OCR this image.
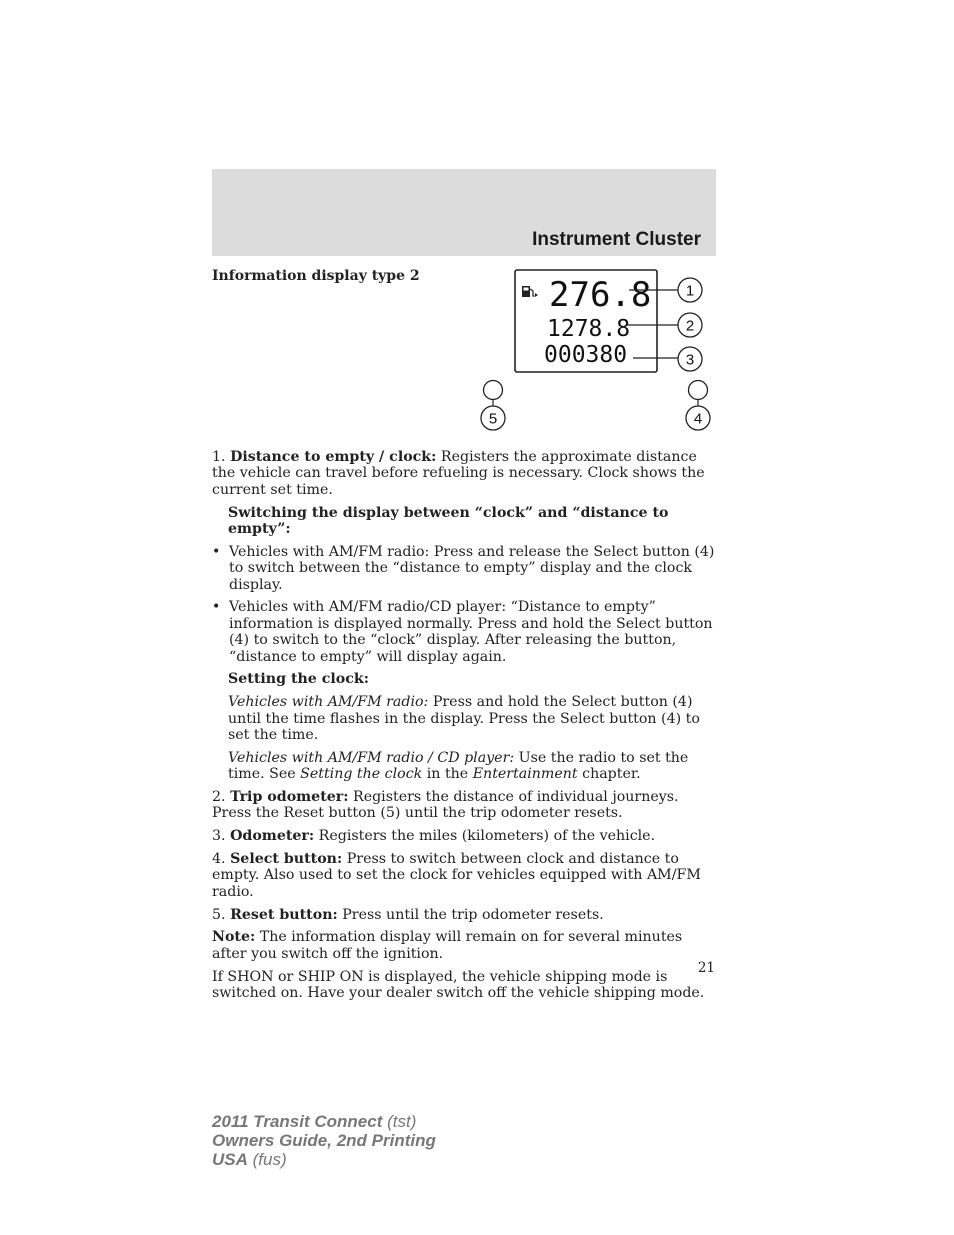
Instrument Cluster
Information display type 2	276.8
1278.8
000380
1
2
3
5	4

1. Distance to empty / clock: Registers the approximate distance the vehicle can travel before refueling is necessary. Clock shows the current set time.

Switching the display between “clock” and “distance to empty”:

• Vehicles with AM/FM radio: Press and release the Select button (4) to switch between the “distance to empty” display and the clock display.
• Vehicles with AM/FM radio/CD player: “Distance to empty” information is displayed normally. Press and hold the Select button (4) to switch to the “clock” display. After releasing the button, “distance to empty” will display again.

Setting the clock:

Vehicles with AM/FM radio: Press and hold the Select button (4) until the time flashes in the display. Press the Select button (4) to set the time.

Vehicles with AM/FM radio / CD player: Use the radio to set the time. See Setting the clock in the Entertainment chapter.

2. Trip odometer: Registers the distance of individual journeys. Press the Reset button (5) until the trip odometer resets.

3. Odometer: Registers the miles (kilometers) of the vehicle.

4. Select button: Press to switch between clock and distance to empty. Also used to set the clock for vehicles equipped with AM/FM radio.

5. Reset button: Press until the trip odometer resets.

Note: The information display will remain on for several minutes after you switch off the ignition.

If SHON or SHIP ON is displayed, the vehicle shipping mode is switched on. Have your dealer switch off the vehicle shipping mode.

21
2011 Transit Connect (tst)
Owners Guide, 2nd Printing
USA (fus)
